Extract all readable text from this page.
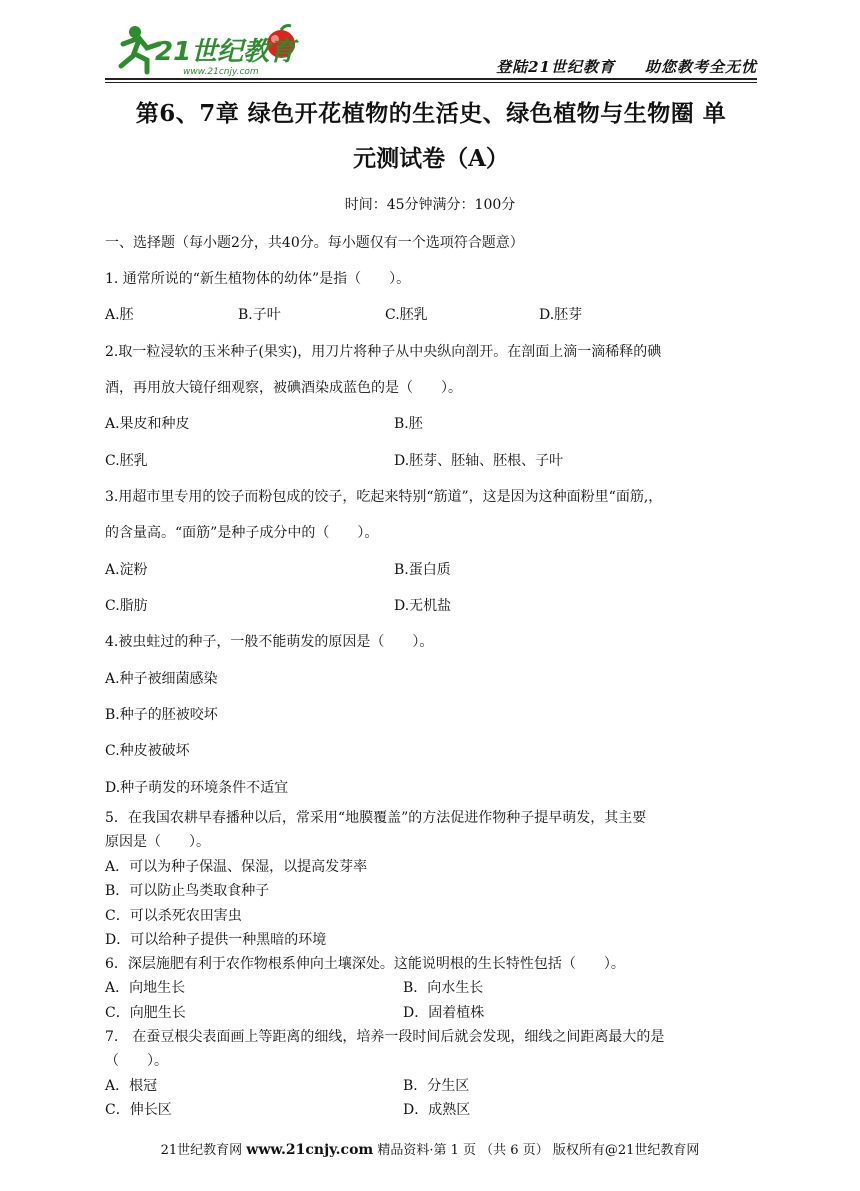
21世纪教育
www.21cnjy.com	登陆21世纪教育 助您教考全无忧
第6、7章 绿色开花植物的生活史、绿色植物与生物圈 单
元测试卷（A）
时间：45分钟满分：100分
一、选择题（每小题2分，共40分。每小题仅有一个选项符合题意）
1. 通常所说的“新生植物体的幼体”是指（　　）。
A.胚	B.子叶	C.胚乳	D.胚芽
2.取一粒浸软的玉米种子(果实)，用刀片将种子从中央纵向剖开。在剖面上滴一滴稀释的碘
酒，再用放大镜仔细观察，被碘酒染成蓝色的是（　　）。
A.果皮和种皮	B.胚
C.胚乳	D.胚芽、胚轴、胚根、子叶
3.用超市里专用的饺子而粉包成的饺子，吃起来特别“筋道”，这是因为这种面粉里“面筋,，
的含量高。“面筋”是种子成分中的（　　）。
A.淀粉	B.蛋白质
C.脂肪	D.无机盐
4.被虫蛀过的种子，一般不能萌发的原因是（　　）。
A.种子被细菌感染
B.种子的胚被咬坏
C.种皮被破坏
D.种子萌发的环境条件不适宜
5．在我国农耕早春播种以后，常采用“地膜覆盖”的方法促进作物种子提早萌发，其主要
原因是（　　）。
A．可以为种子保温、保湿，以提高发芽率
B．可以防止鸟类取食种子
C．可以杀死农田害虫
D．可以给种子提供一种黑暗的环境
6．深层施肥有利于农作物根系伸向土壤深处。这能说明根的生长特性包括（　　）。
A．向地生长	B．向水生长
C．向肥生长	D．固着植株
7.　在蚕豆根尖表面画上等距离的细线，培养一段时间后就会发现，细线之间距离最大的是
（　　）。
A．根冠	B．分生区
C．伸长区	D．成熟区
21世纪教育网 www.21cnjy.com 精品资料·第 1 页 （共 6 页） 版权所有@21世纪教育网
